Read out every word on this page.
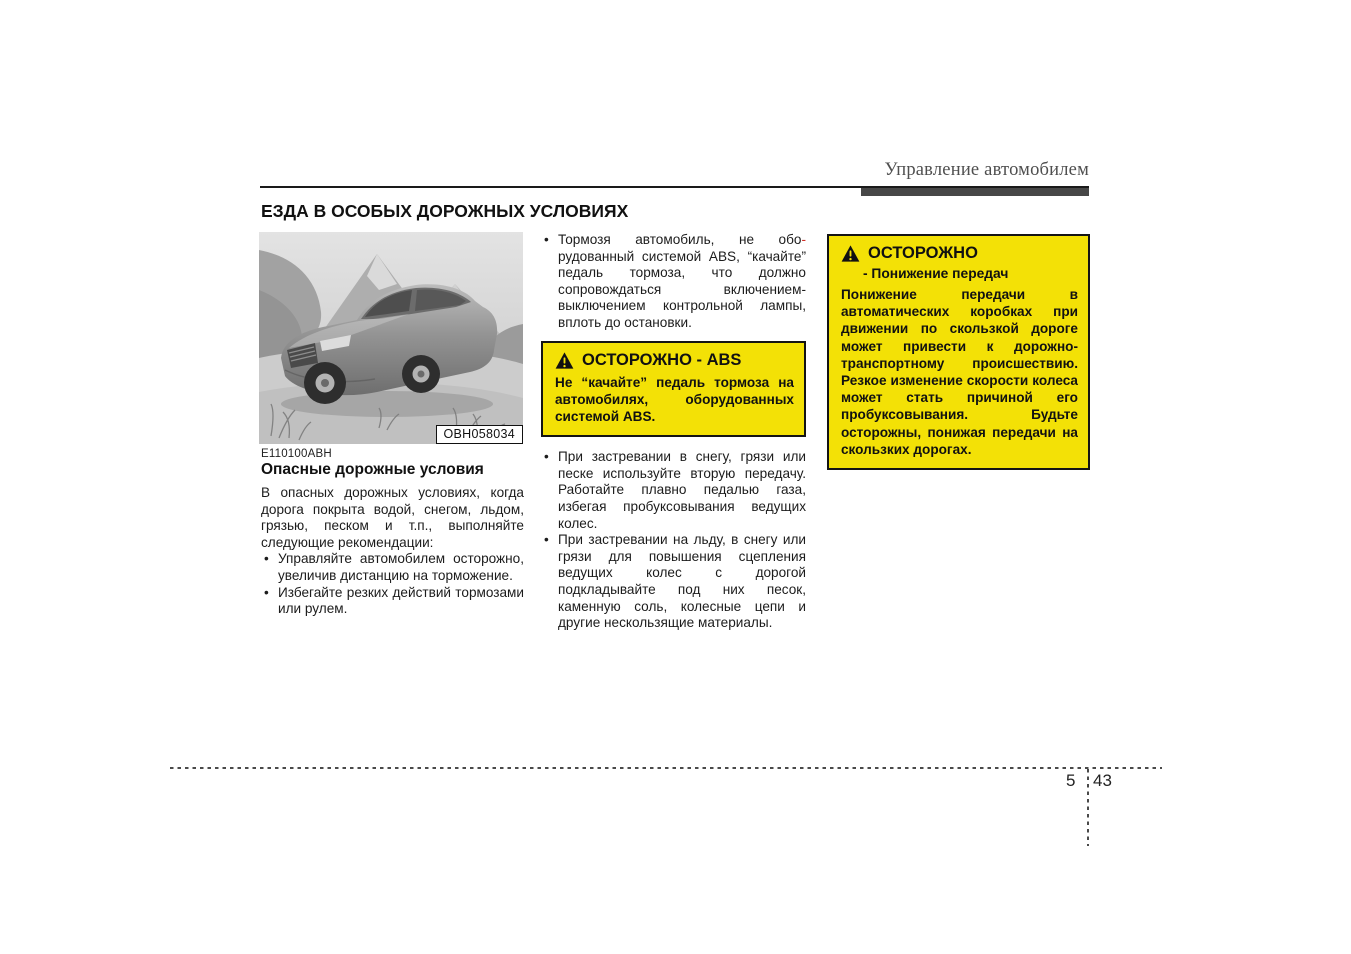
Управление автомобилем
ЕЗДА В ОСОБЫХ ДОРОЖНЫХ УСЛОВИЯХ
OBH058034
E110100ABH
Опасные дорожные условия

В опасных дорожных условиях, когда дорога покрыта водой, снегом, льдом, грязью, песком и т.п., выполняйте следующие рекомендации:

• Управляйте автомобилем осторожно, увеличив дистанцию на торможение.
• Избегайте резких действий тормозами или рулем.
• Тормозя автомобиль, не обо-рудованный системой ABS, “качайте” педаль тормоза, что должно сопровождаться включением-выключением контрольной лампы, вплоть до остановки.
ОСТОРОЖНО - ABS
Не “качайте” педаль тормоза на автомобилях, оборудованных системой ABS.
• При застревании в снегу, грязи или песке используйте вторую передачу. Работайте плавно педалью газа, избегая пробуксовывания ведущих колес.
• При застревании на льду, в снегу или грязи для повышения сцепления ведущих колес с дорогой подкладывайте под них песок, каменную соль, колесные цепи и другие нескользящие материалы.
ОСТОРОЖНО
- Понижение передач
Понижение передачи в автоматических коробках при движении по скользкой дороге может привести к дорожно-транспортному происшествию. Резкое изменение скорости колеса может стать причиной его пробуксовывания. Будьте осторожны, понижая передачи на скользких дорогах.
5 43
